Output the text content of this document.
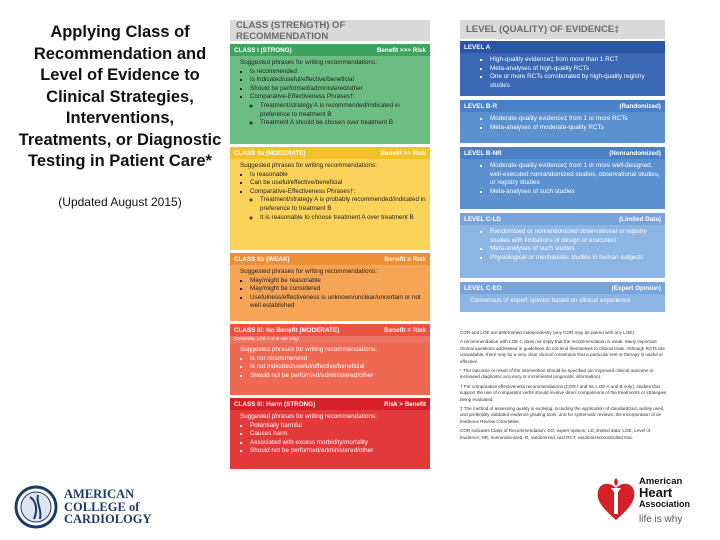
Applying Class of Recommendation and Level of Evidence to Clinical Strategies, Interventions, Treatments, or Diagnostic Testing in Patient Care*
(Updated August 2015)
CLASS (STRENGTH) OF RECOMMENDATION
CLASS I (STRONG)	Benefit >>> Risk
Suggested phrases for writing recommendations:
▪ Is recommended
▪ Is indicated/useful/effective/beneficial
▪ Should be performed/administered/other
▪ Comparative-Effectiveness Phrases†:
◦ Treatment/strategy A is recommended/indicated in preference to treatment B
◦ Treatment A should be chosen over treatment B
CLASS IIa (MODERATE)	Benefit >> Risk
Suggested phrases for writing recommendations:
▪ Is reasonable
▪ Can be useful/effective/beneficial
▪ Comparative-Effectiveness Phrases†:
◦ Treatment/strategy A is probably recommended/indicated in preference to treatment B
◦ It is reasonable to choose treatment A over treatment B
CLASS IIb (WEAK)	Benefit ≥ Risk
Suggested phrases for writing recommendations:
▪ May/might be reasonable
▪ May/might be considered
▪ Usefulness/effectiveness is unknown/unclear/uncertain or not well established
CLASS III: No Benefit (MODERATE)	Benefit = Risk
(Generally, LOE A or B use only)
Suggested phrases for writing recommendations:
▪ Is not recommended
▪ Is not indicated/useful/effective/beneficial
▪ Should not be performed/administered/other
CLASS III: Harm (STRONG)	Risk > Benefit
Suggested phrases for writing recommendations:
▪ Potentially harmful
▪ Causes harm
▪ Associated with excess morbidity/mortality
▪ Should not be performed/administered/other
LEVEL (QUALITY) OF EVIDENCE‡
LEVEL A
▪ High-quality evidence‡ from more than 1 RCT
▪ Meta-analyses of high-quality RCTs
▪ One or more RCTs corroborated by high-quality registry studies
LEVEL B-R	(Randomized)
▪ Moderate-quality evidence‡ from 1 or more RCTs
▪ Meta-analyses of moderate-quality RCTs
LEVEL B-NR	(Nonrandomized)
▪ Moderate-quality evidence‡ from 1 or more well-designed, well-executed nonrandomized studies, observational studies, or registry studies
▪ Meta-analyses of such studies
LEVEL C-LD	(Limited Data)
▪ Randomized or nonrandomized observational or registry studies with limitations of design or execution
▪ Meta-analyses of such studies
▪ Physiological or mechanistic studies in human subjects
LEVEL C-EO	(Expert Opinion)
Consensus of expert opinion based on clinical experience

COR and LOE are determined independently (any COR may be paired with any LOE).

A recommendation with LOE C does not imply that the recommendation is weak. Many important clinical questions addressed in guidelines do not lend themselves to clinical trials. Although RCTs are unavailable, there may be a very clear clinical consensus that a particular test or therapy is useful or effective.

* The outcome or result of the intervention should be specified (an improved clinical outcome or increased diagnostic accuracy or incremental prognostic information).

† For comparative effectiveness recommendations (COR I and IIa; LOE A and B only), studies that support the use of comparator verbs should involve direct comparisons of the treatments or strategies being evaluated.

‡ The method of assessing quality is evolving, including the application of standardized, widely used, and preferably validated evidence grading tools; and for systematic reviews, the incorporation of an Evidence Review Committee.

COR indicates Class of Recommendation; EO, expert opinion; LD, limited data; LOE, Level of Evidence; NR, nonrandomized; R, randomized; and RCT, randomized controlled trial.

AMERICAN
COLLEGE of
CARDIOLOGY
American
Heart
Association
life is why
